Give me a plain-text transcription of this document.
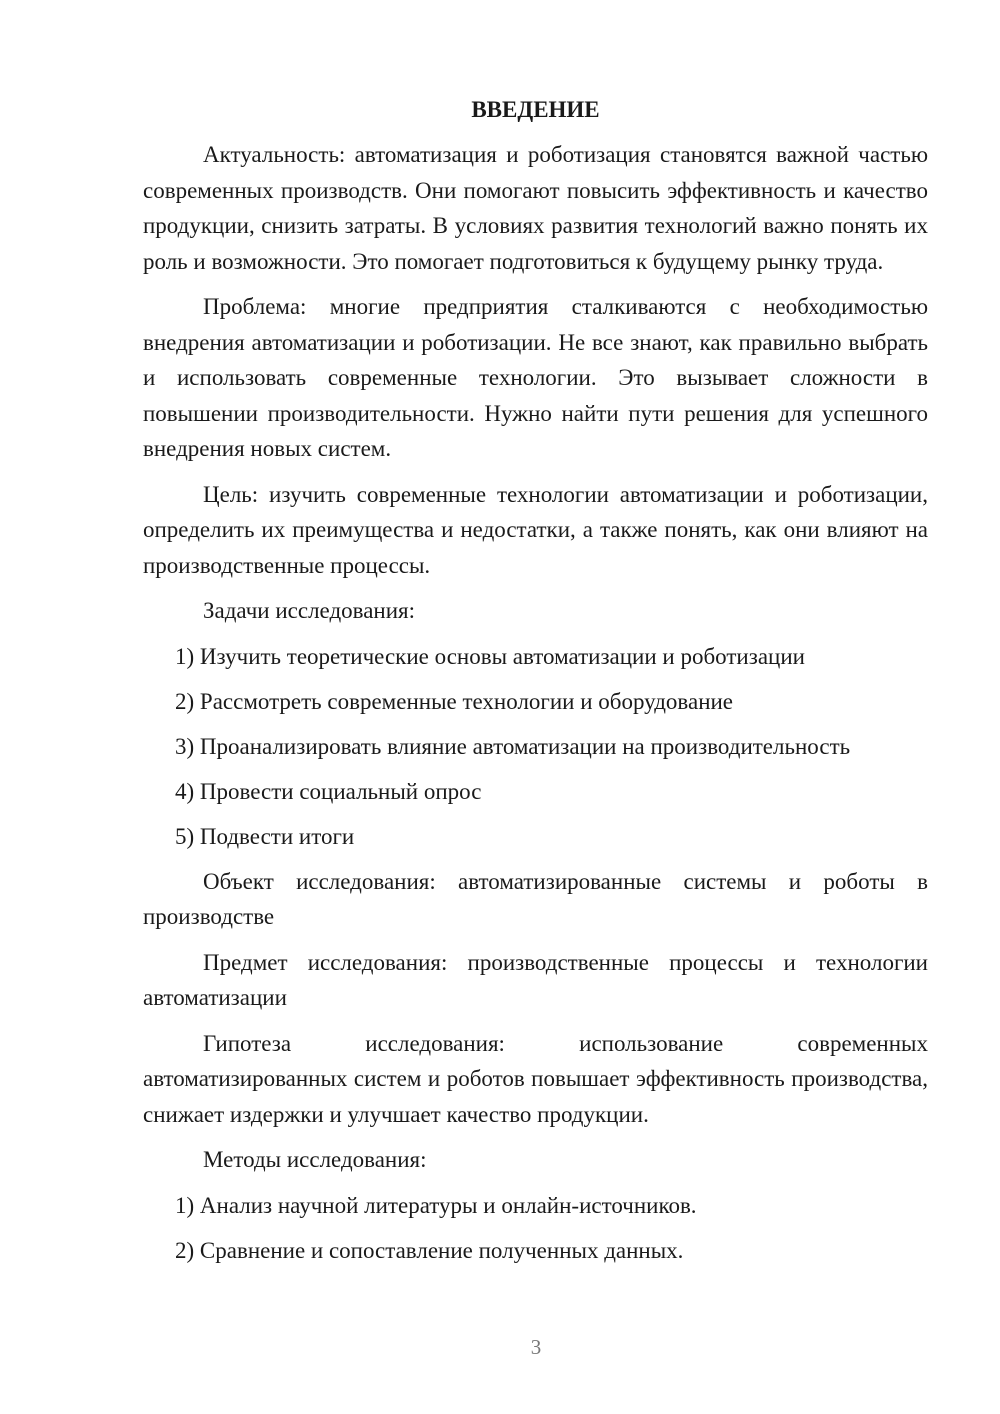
ВВЕДЕНИЕ
Актуальность: автоматизация и роботизация становятся важной частью современных производств. Они помогают повысить эффективность и качество продукции, снизить затраты. В условиях развития технологий важно понять их роль и возможности. Это помогает подготовиться к будущему рынку труда.
Проблема: многие предприятия сталкиваются с необходимостью внедрения автоматизации и роботизации. Не все знают, как правильно выбрать и использовать современные технологии. Это вызывает сложности в повышении производительности. Нужно найти пути решения для успешного внедрения новых систем.
Цель: изучить современные технологии автоматизации и роботизации, определить их преимущества и недостатки, а также понять, как они влияют на производственные процессы.
Задачи исследования:
1) Изучить теоретические основы автоматизации и роботизации
2) Рассмотреть современные технологии и оборудование
3) Проанализировать влияние автоматизации на производительность
4) Провести социальный опрос
5) Подвести итоги
Объект исследования: автоматизированные системы и роботы в производстве
Предмет исследования: производственные процессы и технологии автоматизации
Гипотеза исследования: использование современных автоматизированных систем и роботов повышает эффективность производства, снижает издержки и улучшает качество продукции.
Методы исследования:
1) Анализ научной литературы и онлайн-источников.
2) Сравнение и сопоставление полученных данных.
3
